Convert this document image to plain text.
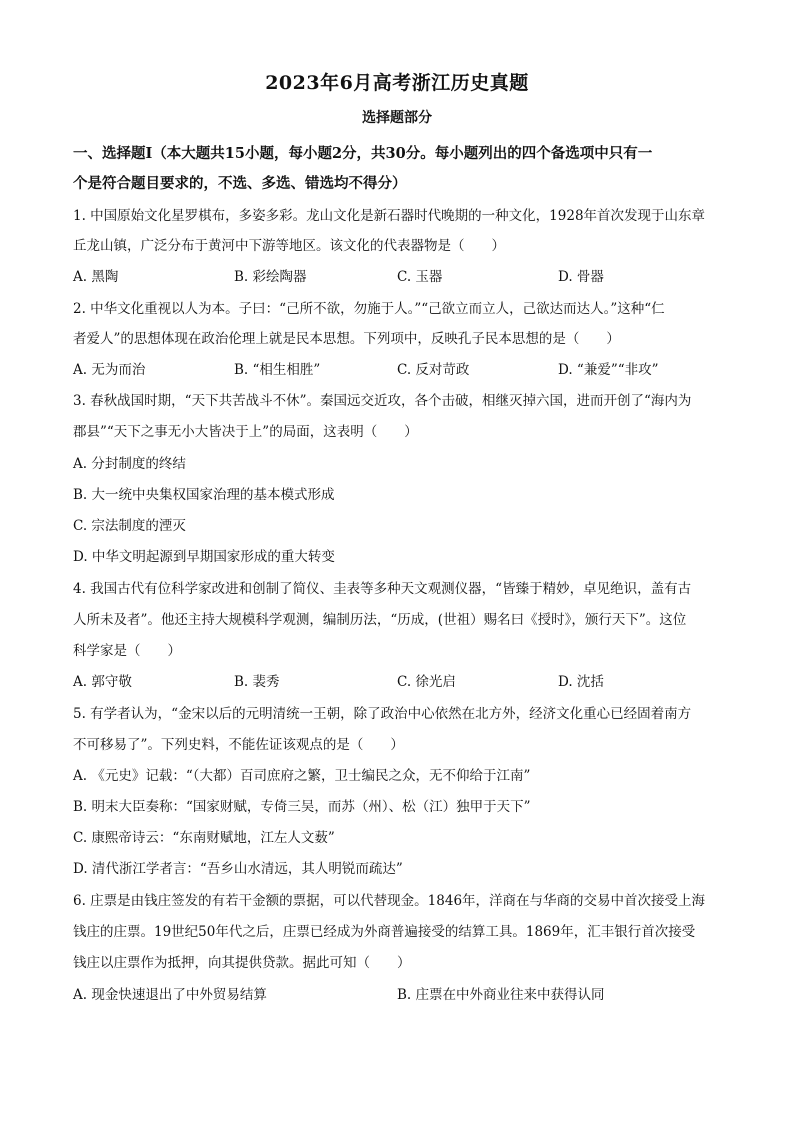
2023年6月高考浙江历史真题
选择题部分
一、选择题Ⅰ（本大题共15小题，每小题2分，共30分。每小题列出的四个备选项中只有一
个是符合题目要求的，不选、多选、错选均不得分）
1. 中国原始文化星罗棋布，多姿多彩。龙山文化是新石器时代晚期的一种文化，1928年首次发现于山东章
丘龙山镇，广泛分布于黄河中下游等地区。该文化的代表器物是（　　）
A. 黑陶	B. 彩绘陶器	C. 玉器	D. 骨器
2. 中华文化重视以人为本。子曰：“己所不欲，勿施于人。”“己欲立而立人，己欲达而达人。”这种“仁
者爱人”的思想体现在政治伦理上就是民本思想。下列项中，反映孔子民本思想的是（　　）
A. 无为而治	B. “相生相胜”	C. 反对苛政	D. “兼爱”“非攻”
3. 春秋战国时期，“天下共苦战斗不休”。秦国远交近攻，各个击破，相继灭掉六国，进而开创了“海内为
郡县”“天下之事无小大皆决于上”的局面，这表明（　　）
A. 分封制度的终结
B. 大一统中央集权国家治理的基本模式形成
C. 宗法制度的湮灭
D. 中华文明起源到早期国家形成的重大转变
4. 我国古代有位科学家改进和创制了简仪、圭表等多种天文观测仪器，“皆臻于精妙，卓见绝识，盖有古
人所未及者”。他还主持大规模科学观测，编制历法，“历成，(世祖）赐名曰《授时》，颁行天下”。这位
科学家是（　　）
A. 郭守敬	B. 裴秀	C. 徐光启	D. 沈括
5. 有学者认为，“金宋以后的元明清统一王朝，除了政治中心依然在北方外，经济文化重心已经固着南方
不可移易了”。下列史料，不能佐证该观点的是（　　）
A. 《元史》记载：“（大都）百司庶府之繁，卫士编民之众，无不仰给于江南”
B. 明末大臣奏称：“国家财赋，专倚三吴，而苏（州）、松（江）独甲于天下”
C. 康熙帝诗云：“东南财赋地，江左人文薮”
D. 清代浙江学者言：“吾乡山水清远，其人明锐而疏达”
6. 庄票是由钱庄签发的有若干金额的票据，可以代替现金。1846年，洋商在与华商的交易中首次接受上海
钱庄的庄票。19世纪50年代之后，庄票已经成为外商普遍接受的结算工具。1869年，汇丰银行首次接受
钱庄以庄票作为抵押，向其提供贷款。据此可知（　　）
A. 现金快速退出了中外贸易结算	B. 庄票在中外商业往来中获得认同
